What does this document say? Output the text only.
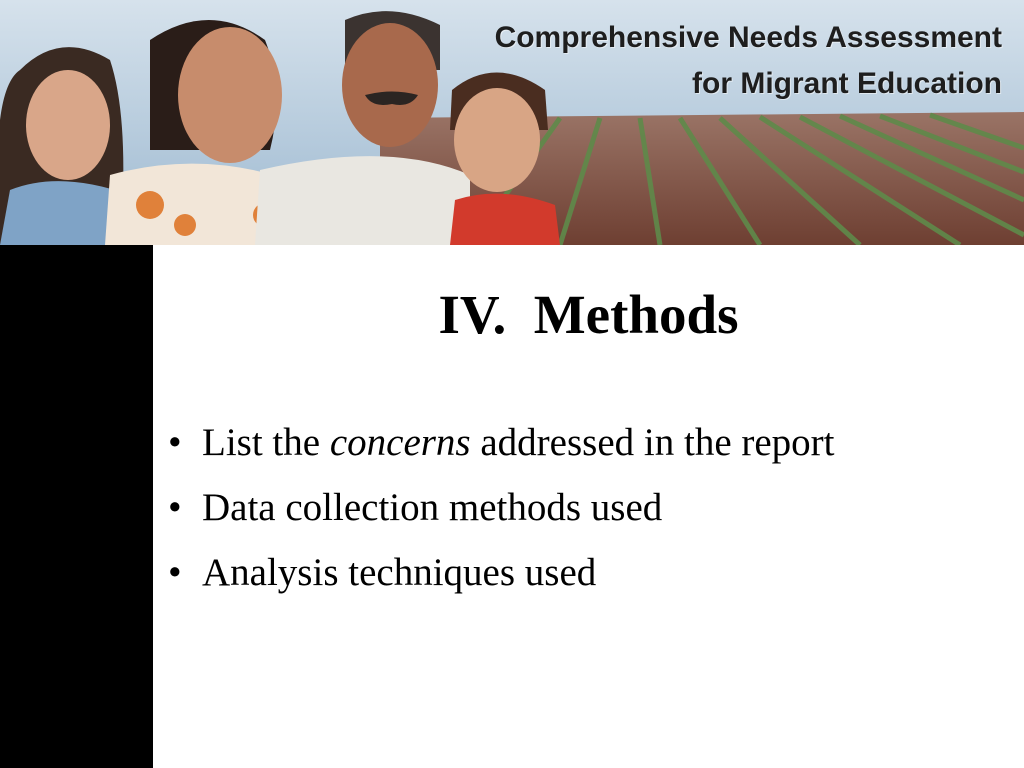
Comprehensive Needs Assessment
for Migrant Education
IV.  Methods
• List the concerns addressed in the report
• Data collection methods used
• Analysis techniques used
